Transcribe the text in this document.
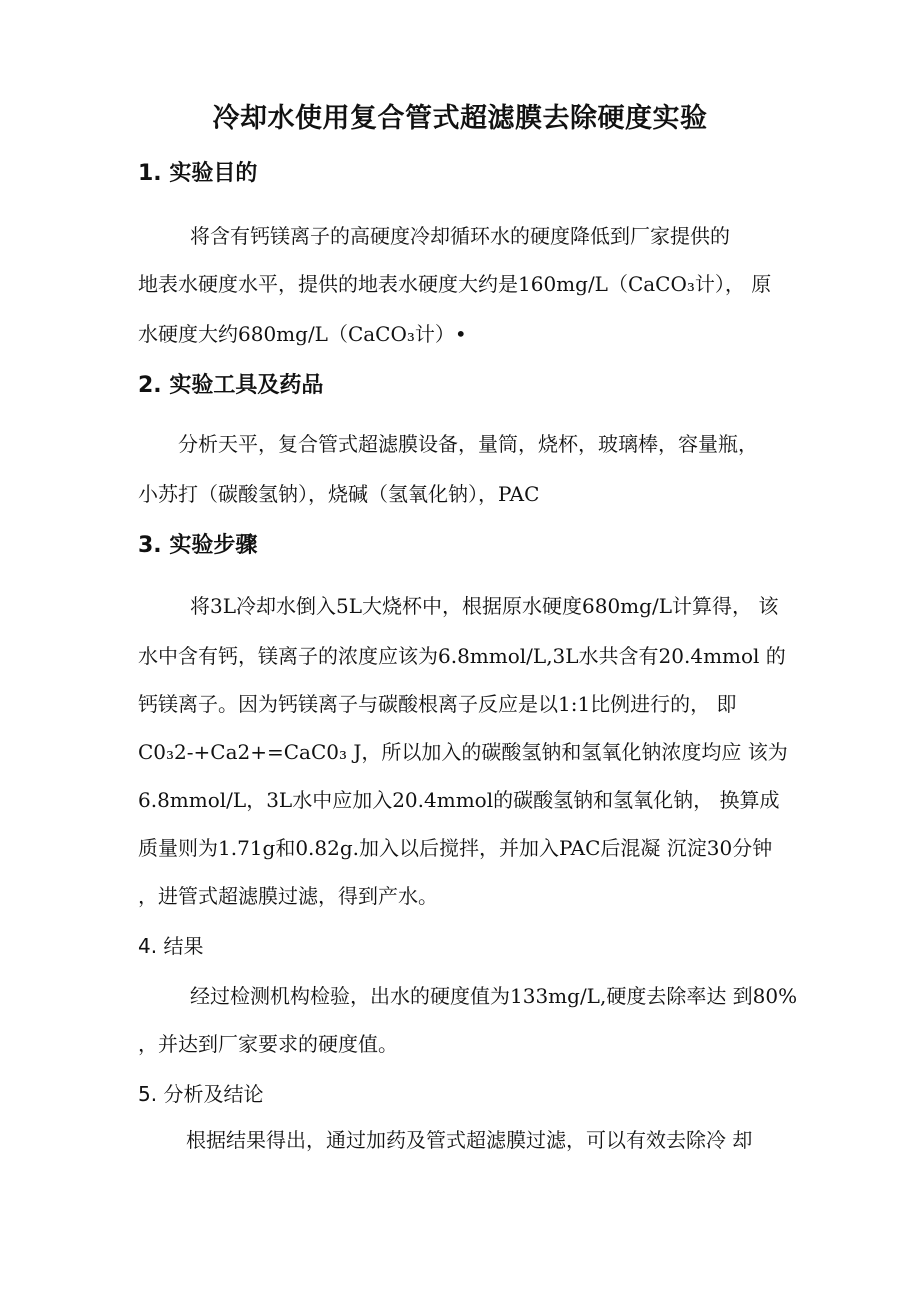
冷却水使用复合管式超滤膜去除硬度实验
1. 实验目的
将含有钙镁离子的高硬度冷却循环水的硬度降低到厂家提供的
地表水硬度水平，提供的地表水硬度大约是160mg/L（CaCO₃计）， 原
水硬度大约680mg/L（CaCO₃计）•
2. 实验工具及药品
分析天平，复合管式超滤膜设备，量筒，烧杯，玻璃棒，容量瓶，
小苏打（碳酸氢钠），烧碱（氢氧化钠），PAC
3. 实验步骤
将3L冷却水倒入5L大烧杯中，根据原水硬度680mg/L计算得， 该
水中含有钙，镁离子的浓度应该为6.8mmol/L,3L水共含有20.4mmol 的
钙镁离子。因为钙镁离子与碳酸根离子反应是以1:1比例进行的， 即
C0₃2-+Ca2+=CaC0₃ J，所以加入的碳酸氢钠和氢氧化钠浓度均应 该为
6.8mmol/L，3L水中应加入20.4mmol的碳酸氢钠和氢氧化钠， 换算成
质量则为1.71g和0.82g.加入以后搅拌，并加入PAC后混凝 沉淀30分钟
，进管式超滤膜过滤，得到产水。
4. 结果
经过检测机构检验，出水的硬度值为133mg/L,硬度去除率达 到80%
，并达到厂家要求的硬度值。
5. 分析及结论
根据结果得出，通过加药及管式超滤膜过滤，可以有效去除冷 却
